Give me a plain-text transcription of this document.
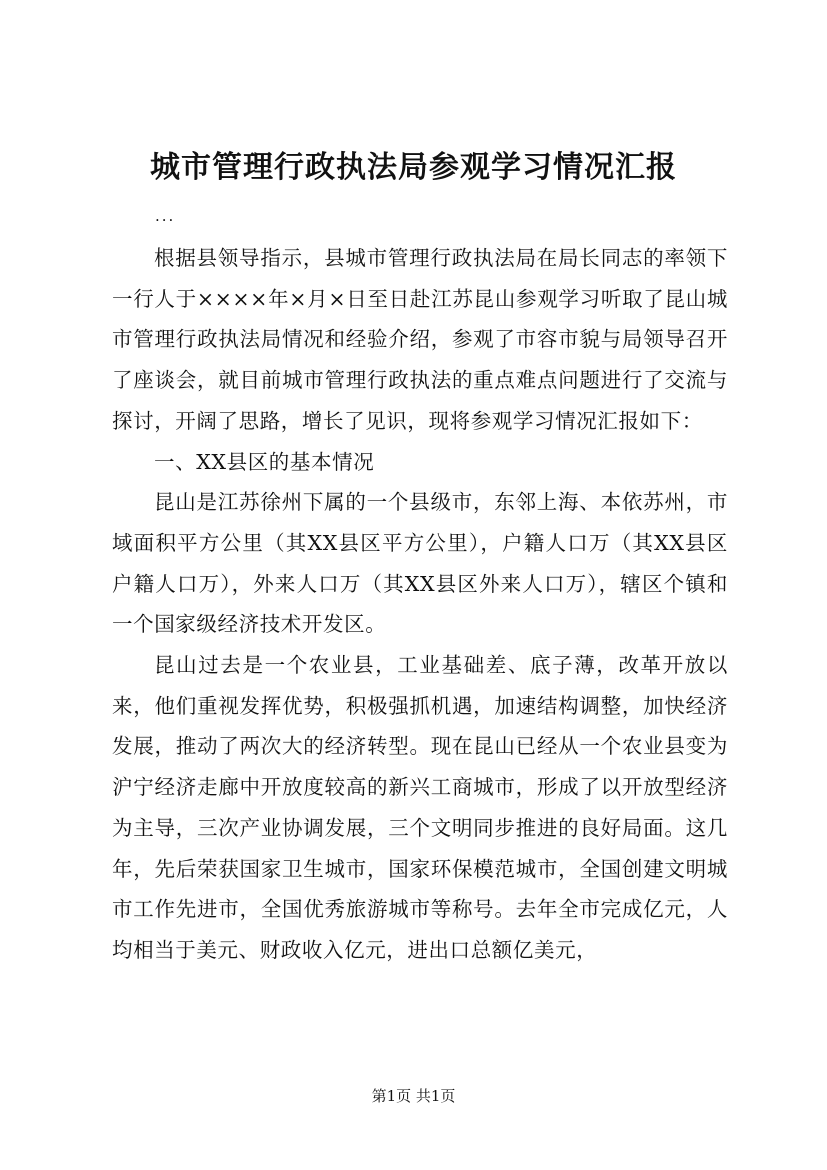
城市管理行政执法局参观学习情况汇报
...

根据县领导指示，县城市管理行政执法局在局长同志的率领下一行人于××××年×月×日至日赴江苏昆山参观学习听取了昆山城市管理行政执法局情况和经验介绍，参观了市容市貌与局领导召开了座谈会，就目前城市管理行政执法的重点难点问题进行了交流与探讨，开阔了思路，增长了见识，现将参观学习情况汇报如下：

一、XX县区的基本情况

昆山是江苏徐州下属的一个县级市，东邻上海、本依苏州，市域面积平方公里（其XX县区平方公里），户籍人口万（其XX县区户籍人口万），外来人口万（其XX县区外来人口万），辖区个镇和一个国家级经济技术开发区。

昆山过去是一个农业县，工业基础差、底子薄，改革开放以来，他们重视发挥优势，积极强抓机遇，加速结构调整，加快经济发展，推动了两次大的经济转型。现在昆山已经从一个农业县变为沪宁经济走廊中开放度较高的新兴工商城市，形成了以开放型经济为主导，三次产业协调发展，三个文明同步推进的良好局面。这几年，先后荣获国家卫生城市，国家环保模范城市，全国创建文明城市工作先进市，全国优秀旅游城市等称号。去年全市完成亿元，人均相当于美元、财政收入亿元，进出口总额亿美元，

第1页 共1页
